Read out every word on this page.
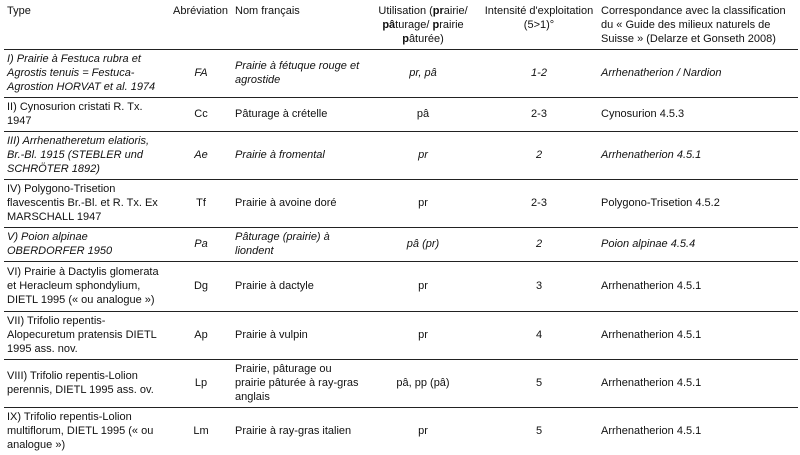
Type	Abréviation	Nom français	Utilisation (prairie/ pâturage/ prairie pâturée)	Intensité d'exploitation (5>1)°	Correspondance avec la classification du « Guide des milieux naturels de Suisse » (Delarze et Gonseth 2008)
I) Prairie à Festuca rubra et Agrostis tenuis = Festuca-Agrostion HORVAT et al. 1974	FA	Prairie à fétuque rouge et agrostide	pr, pâ	1-2	Arrhenatherion / Nardion
II) Cynosurion cristati R. Tx. 1947	Cc	Pâturage à crételle	pâ	2-3	Cynosurion 4.5.3
III) Arrhenatheretum elatioris, Br.-Bl. 1915 (STEBLER und SCHRÖTER 1892)	Ae	Prairie à fromental	pr	2	Arrhenatherion 4.5.1
IV) Polygono-Trisetion flavescentis Br.-Bl. et R. Tx. Ex MARSCHALL 1947	Tf	Prairie à avoine doré	pr	2-3	Polygono-Trisetion 4.5.2
V) Poion alpinae OBERDORFER 1950	Pa	Pâturage (prairie) à liondent	pâ (pr)	2	Poion alpinae 4.5.4
VI) Prairie à Dactylis glomerata et Heracleum sphondylium, DIETL 1995 (« ou analogue »)	Dg	Prairie à dactyle	pr	3	Arrhenatherion 4.5.1
VII) Trifolio repentis-Alopecuretum pratensis DIETL 1995 ass. nov.	Ap	Prairie à vulpin	pr	4	Arrhenatherion 4.5.1
VIII) Trifolio repentis-Lolion perennis, DIETL 1995 ass. ov.	Lp	Prairie, pâturage ou prairie pâturée à ray-gras anglais	pâ, pp (pâ)	5	Arrhenatherion 4.5.1
IX) Trifolio repentis-Lolion multiflorum, DIETL 1995 (« ou analogue »)	Lm	Prairie à ray-gras italien	pr	5	Arrhenatherion 4.5.1
